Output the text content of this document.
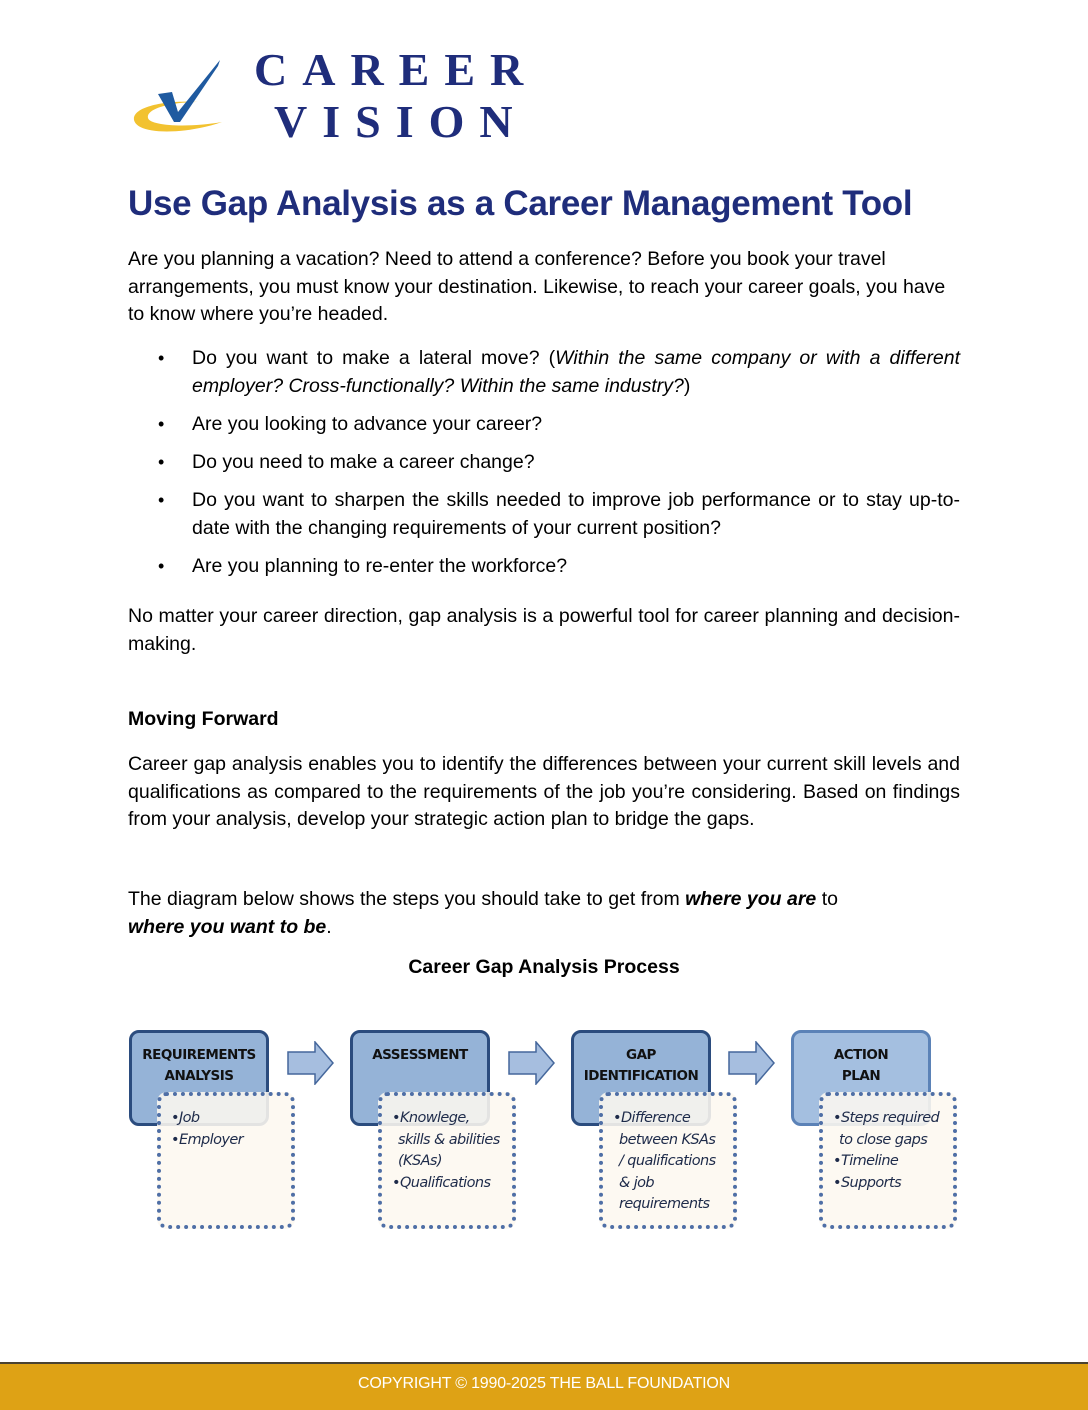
CAREER
VISION
Use Gap Analysis as a Career Management Tool
Are you planning a vacation? Need to attend a conference? Before you book your travel arrangements, you must know your destination. Likewise, to reach your career goals, you have to know where you’re headed.
• Do you want to make a lateral move? (Within the same company or with a different employer? Cross-functionally? Within the same industry?)
• Are you looking to advance your career?
• Do you need to make a career change?
• Do you want to sharpen the skills needed to improve job performance or to stay up-to-date with the changing requirements of your current position?
• Are you planning to re-enter the workforce?
No matter your career direction, gap analysis is a powerful tool for career planning and decision-making.
Moving Forward
Career gap analysis enables you to identify the differences between your current skill levels and qualifications as compared to the requirements of the job you’re considering. Based on findings from your analysis, develop your strategic action plan to bridge the gaps.
The diagram below shows the steps you should take to get from where you are to
where you want to be.
Career Gap Analysis Process
REQUIREMENTS
ANALYSIS
•Job
•Employer
ASSESSMENT
•Knowlege,
skills & abilities
(KSAs)
•Qualifications
GAP
IDENTIFICATION
•Difference
between KSAs
/ qualifications
& job
requirements
ACTION
PLAN
•Steps required
to close gaps
•Timeline
•Supports
COPYRIGHT © 1990-2025 THE BALL FOUNDATION
